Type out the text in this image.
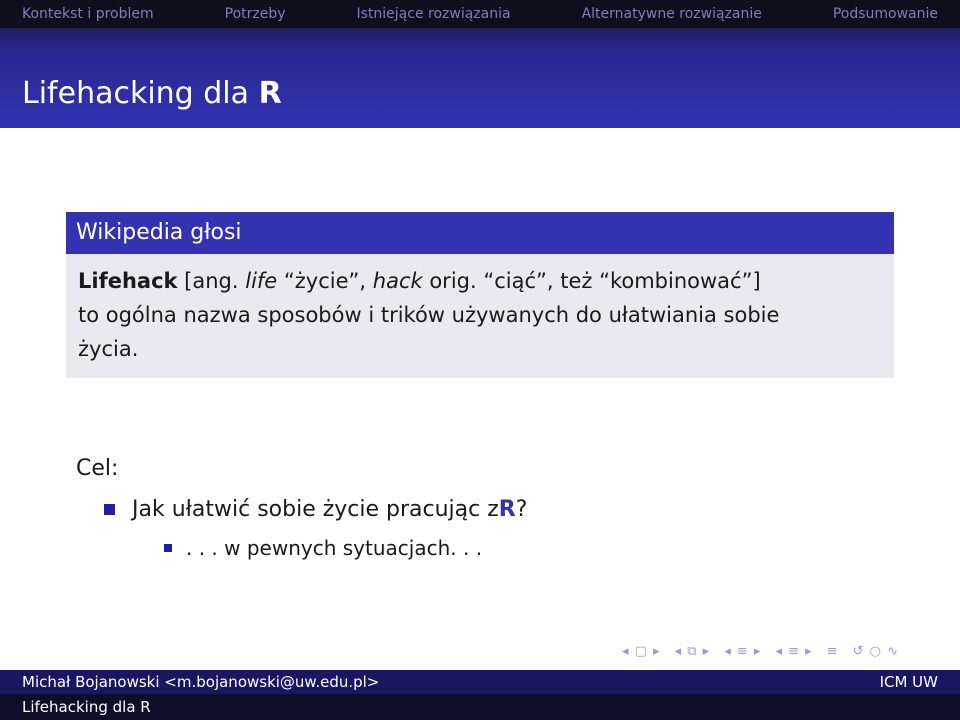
Kontekst i problem	Potrzeby	Istniejące rozwiązania	Alternatywne rozwiązanie	Podsumowanie
Lifehacking dla R
Wikipedia głosi
Lifehack [ang. life “życie”, hack orig. “ciąć”, też “kombinować”]
to ogólna nazwa sposobów i trików używanych do ułatwiania sobie
życia.
Cel:
Jak ułatwić sobie życie pracując z R ?
. . . w pewnych sytuacjach. . .
◂ ▢ ▸ ◂ ⧉ ▸ ◂ ≡ ▸ ◂ ≡ ▸ ≡ ↺ ○ ∿
Michał Bojanowski <m.bojanowski@uw.edu.pl>	ICM UW
Lifehacking dla R
